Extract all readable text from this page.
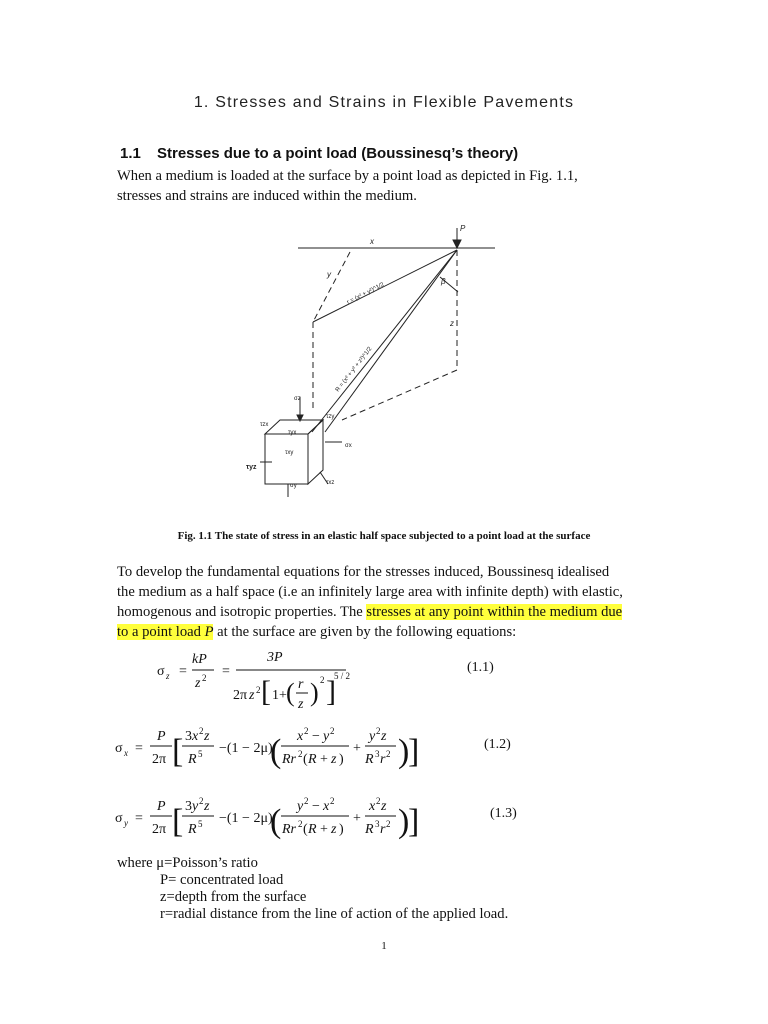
1. Stresses and Strains in Flexible Pavements
1.1 Stresses due to a point load (Boussinesq’s theory)
When a medium is loaded at the surface by a point load as depicted in Fig. 1.1,
stresses and strains are induced within the medium.
P
x
y
z
β
r = (x² + y²)^1/2
R = (x² + y² + z²)^1/2
σz
τzx
τzy
τyx
τxy
σx
τyz
σy	τxz
Fig. 1.1 The state of stress in an elastic half space subjected to a point load at the surface
To develop the fundamental equations for the stresses induced, Boussinesq idealised
the medium as a half space (i.e an infinitely large area with infinite depth) with elastic,
homogenous and isotropic properties. The stresses at any point within the medium due
to a point load P at the surface are given by the following equations:
σ z =
kP
z 2 =
3P
2π z 2 [ 1+ ( r
z ) 2 ]
5 / 2
(1.1)
σ x =
P
2π [ 3 x 2 z
R 5 −(1 − 2μ)
( x 2 − y 2
Rr 2 ( R + z )
+
y 2 z
R 3 r 2 )
]	(1.2)
σ y =
P
2π [ 3 y 2 z
R 5 −(1 − 2μ)
( y 2 − x 2
Rr 2 ( R + z )
+
x 2 z
R 3 r 2 )
]	(1.3)
where μ=Poisson’s ratio
P= concentrated load
z=depth from the surface
r=radial distance from the line of action of the applied load.
1
